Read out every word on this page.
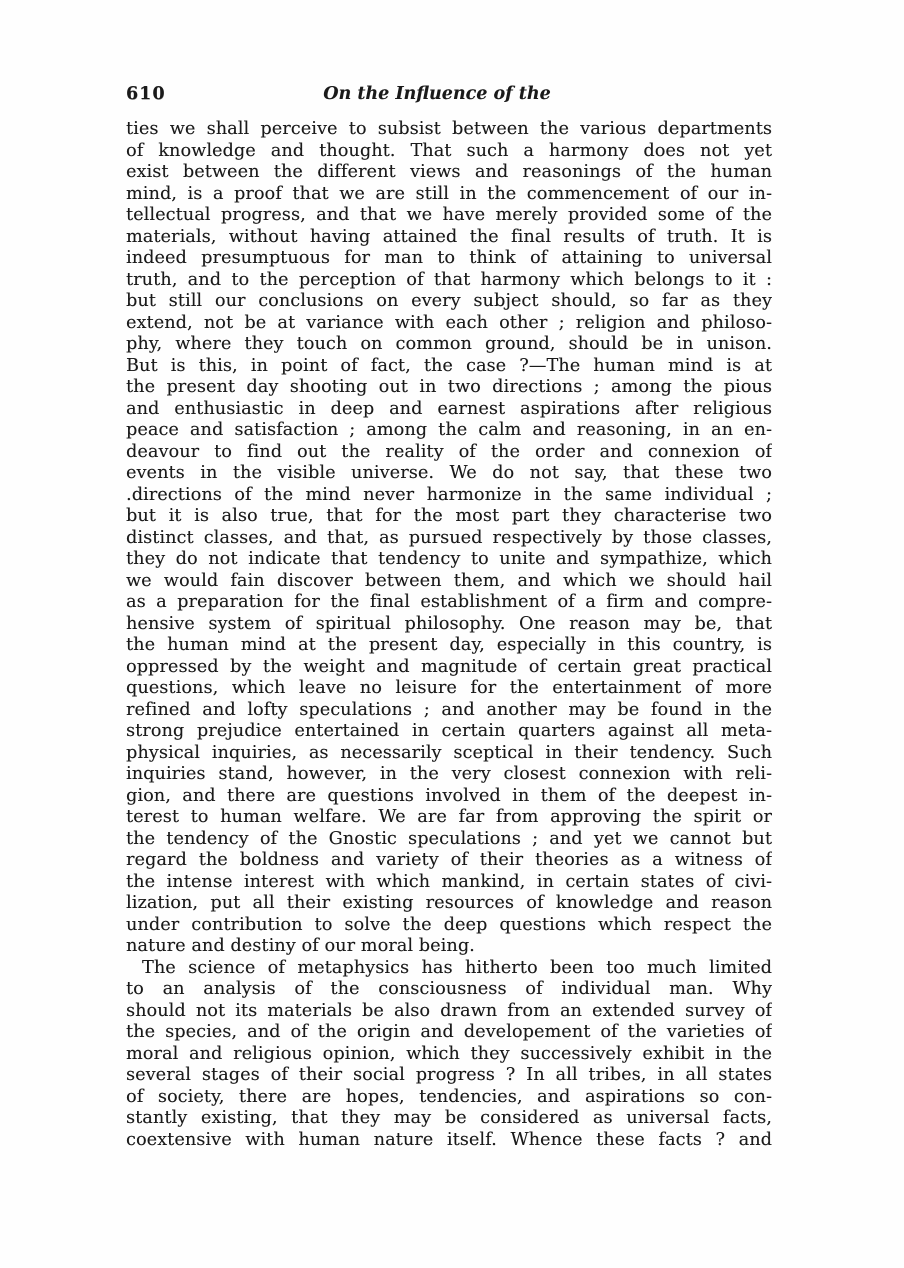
610	On the Influence of the
ties we shall perceive to subsist between the various departments
of knowledge and thought. That such a harmony does not yet
exist between the different views and reasonings of the human
mind, is a proof that we are still in the commencement of our in-
tellectual progress, and that we have merely provided some of the
materials, without having attained the final results of truth. It is
indeed presumptuous for man to think of attaining to universal
truth, and to the perception of that harmony which belongs to it :
but still our conclusions on every subject should, so far as they
extend, not be at variance with each other ; religion and philoso-
phy, where they touch on common ground, should be in unison.
But is this, in point of fact, the case ?—The human mind is at
the present day shooting out in two directions ; among the pious
and enthusiastic in deep and earnest aspirations after religious
peace and satisfaction ; among the calm and reasoning, in an en-
deavour to find out the reality of the order and connexion of
events in the visible universe. We do not say, that these two
.directions of the mind never harmonize in the same individual ;
but it is also true, that for the most part they characterise two
distinct classes, and that, as pursued respectively by those classes,
they do not indicate that tendency to unite and sympathize, which
we would fain discover between them, and which we should hail
as a preparation for the final establishment of a firm and compre-
hensive system of spiritual philosophy. One reason may be, that
the human mind at the present day, especially in this country, is
oppressed by the weight and magnitude of certain great practical
questions, which leave no leisure for the entertainment of more
refined and lofty speculations ; and another may be found in the
strong prejudice entertained in certain quarters against all meta-
physical inquiries, as necessarily sceptical in their tendency. Such
inquiries stand, however, in the very closest connexion with reli-
gion, and there are questions involved in them of the deepest in-
terest to human welfare. We are far from approving the spirit or
the tendency of the Gnostic speculations ; and yet we cannot but
regard the boldness and variety of their theories as a witness of
the intense interest with which mankind, in certain states of civi-
lization, put all their existing resources of knowledge and reason
under contribution to solve the deep questions which respect the
nature and destiny of our moral being.
The science of metaphysics has hitherto been too much limited
to an analysis of the consciousness of individual man. Why
should not its materials be also drawn from an extended survey of
the species, and of the origin and developement of the varieties of
moral and religious opinion, which they successively exhibit in the
several stages of their social progress ? In all tribes, in all states
of society, there are hopes, tendencies, and aspirations so con-
stantly existing, that they may be considered as universal facts,
coextensive with human nature itself. Whence these facts ? and
